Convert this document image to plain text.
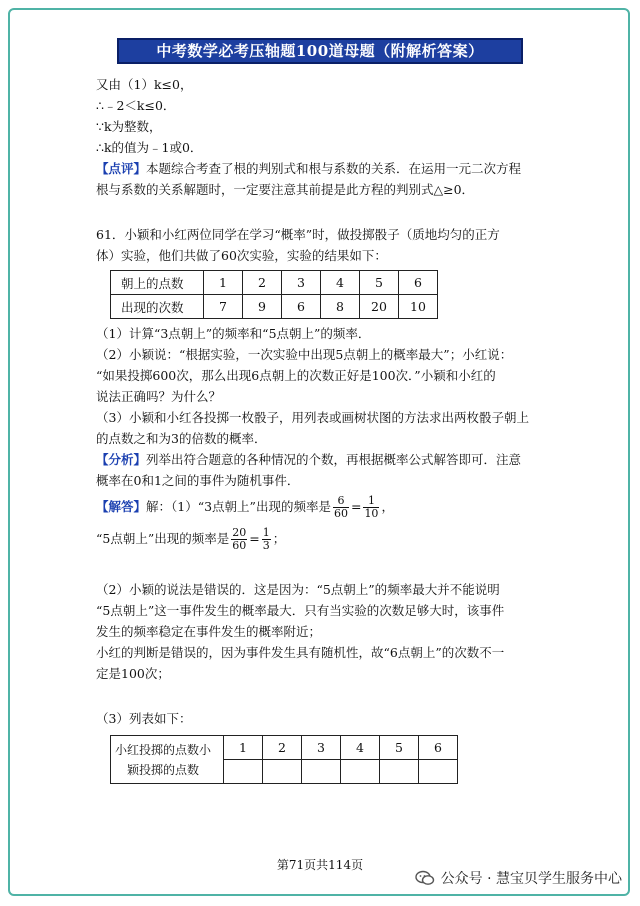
中考数学必考压轴题100道母题（附解析答案）
又由（1）k≤0，
∴﹣2＜k≤0．
∵k为整数，
∴k的值为﹣1或0．
【点评】本题综合考查了根的判别式和根与系数的关系．在运用一元二次方程
根与系数的关系解题时，一定要注意其前提是此方程的判别式△≥0．
61．小颖和小红两位同学在学习“概率”时，做投掷骰子（质地均匀的正方
体）实验，他们共做了60次实验，实验的结果如下：
朝上的点数	1	2	3	4	5	6
出现的次数	7	9	6	8	20	10
（1）计算“3点朝上”的频率和“5点朝上”的频率．
（2）小颖说：“根据实验，一次实验中出现5点朝上的概率最大”；小红说：
“如果投掷600次，那么出现6点朝上的次数正好是100次．”小颖和小红的
说法正确吗？为什么？
（3）小颖和小红各投掷一枚骰子，用列表或画树状图的方法求出两枚骰子朝上
的点数之和为3的倍数的概率．
【分析】列举出符合题意的各种情况的个数，再根据概率公式解答即可．注意
概率在0和1之间的事件为随机事件．
【解答】解：（1）“3点朝上”出现的频率是 $\frac{6}{60} = \frac{1}{10}$ ，
“5点朝上”出现的频率是 $\frac{20}{60} = \frac{1}{3}$ ；
（2）小颖的说法是错误的．这是因为：“5点朝上”的频率最大并不能说明
“5点朝上”这一事件发生的概率最大．只有当实验的次数足够大时，该事件
发生的频率稳定在事件发生的概率附近；
小红的判断是错误的，因为事件发生具有随机性，故“6点朝上”的次数不一
定是100次；
（3）列表如下：
小红投掷的点数小
颖投掷的点数	1	2	3	4	5	6

第71页共114页
公众号 · 慧宝贝学生服务中心
